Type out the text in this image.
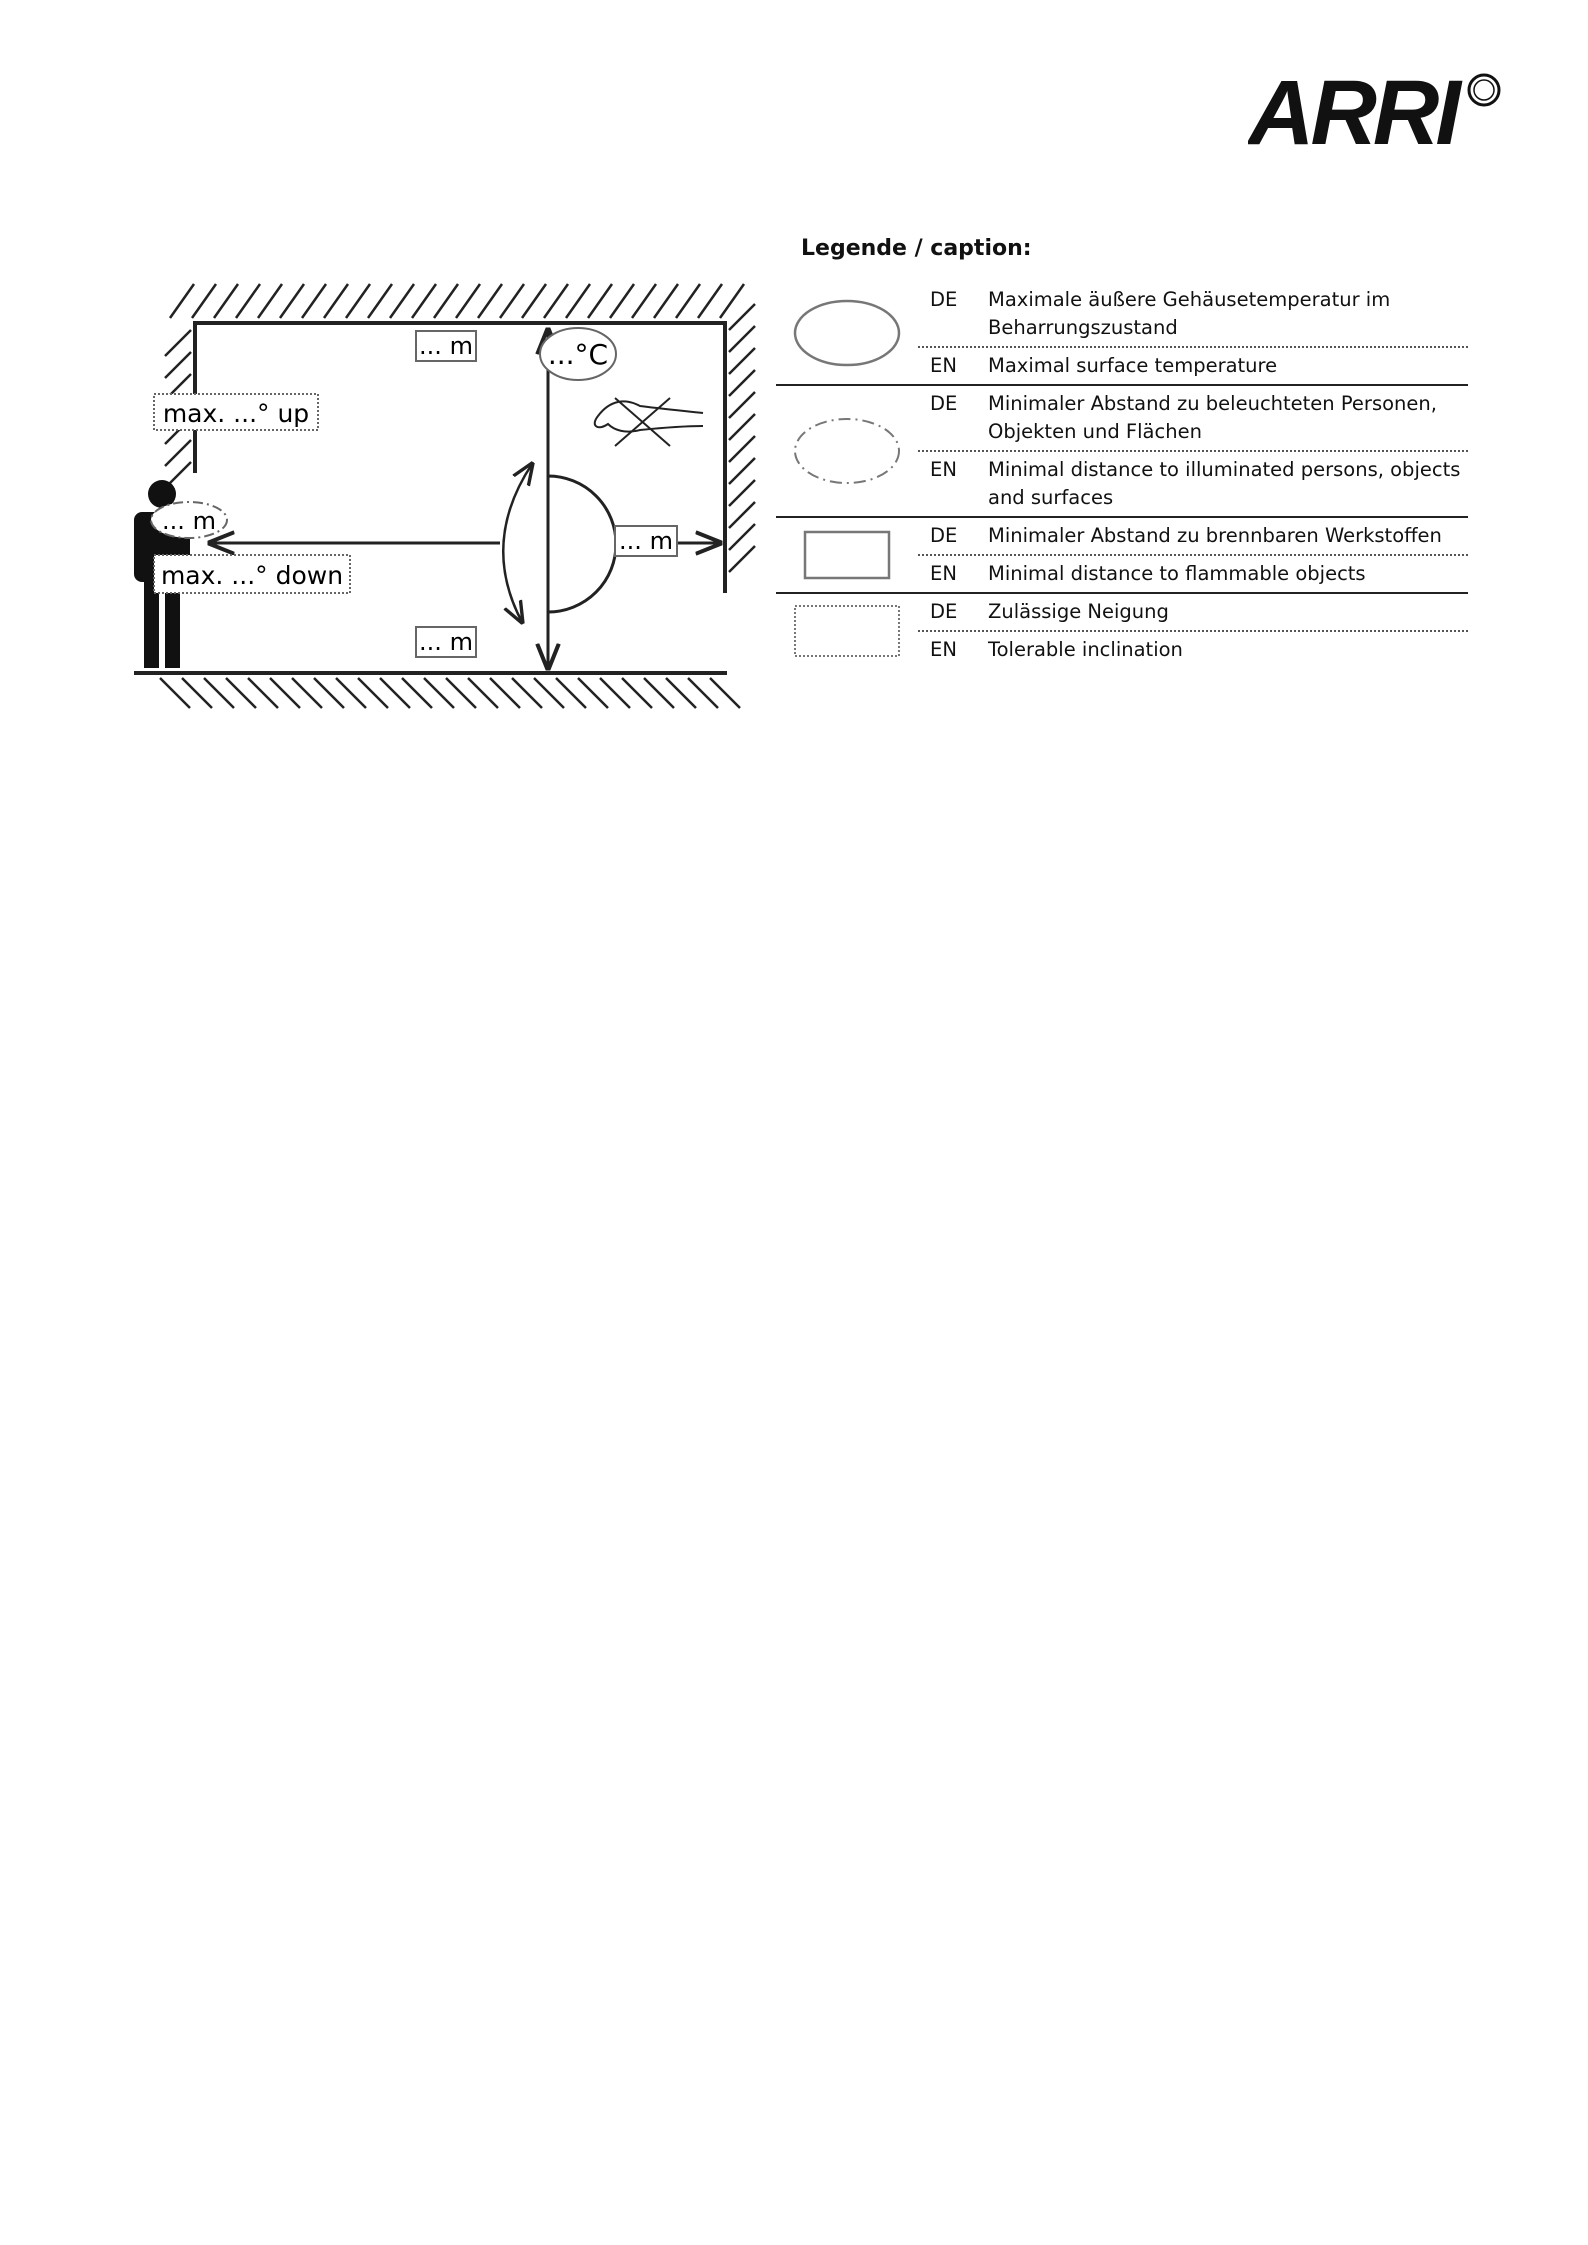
ARRI
... m	...°C
max. ...° up
... m
... m
max. ...° down
... m
Legende / caption:
DE	Maximale äußere Gehäusetemperatur im Beharrungszustand
EN	Maximal surface temperature
DE	Minimaler Abstand zu beleuchteten Personen, Objekten und Flächen
EN	Minimal distance to illuminated persons, objects and surfaces
DE	Minimaler Abstand zu brennbaren Werkstoffen
EN	Minimal distance to flammable objects
DE	Zulässige Neigung
EN	Tolerable inclination
